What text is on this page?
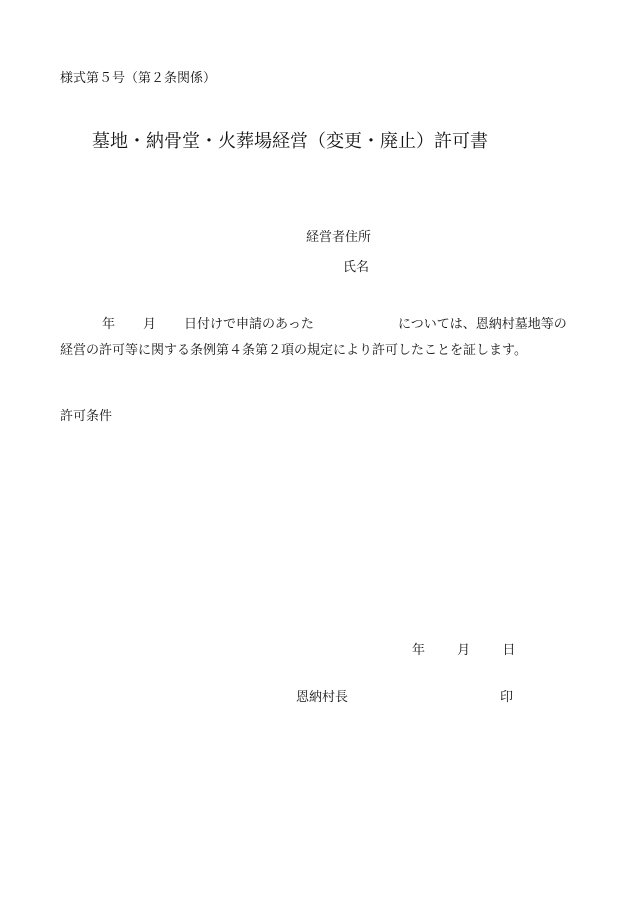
様式第５号（第２条関係）

墓地・納骨堂・火葬場経営（変更・廃止）許可書

経営者住所

氏名

年 月 日付けで申請のあった	については、恩納村墓地等の
経営の許可等に関する条例第４条第２項の規定により許可したことを証します。

許可条件

年 月 日

恩納村長	印
